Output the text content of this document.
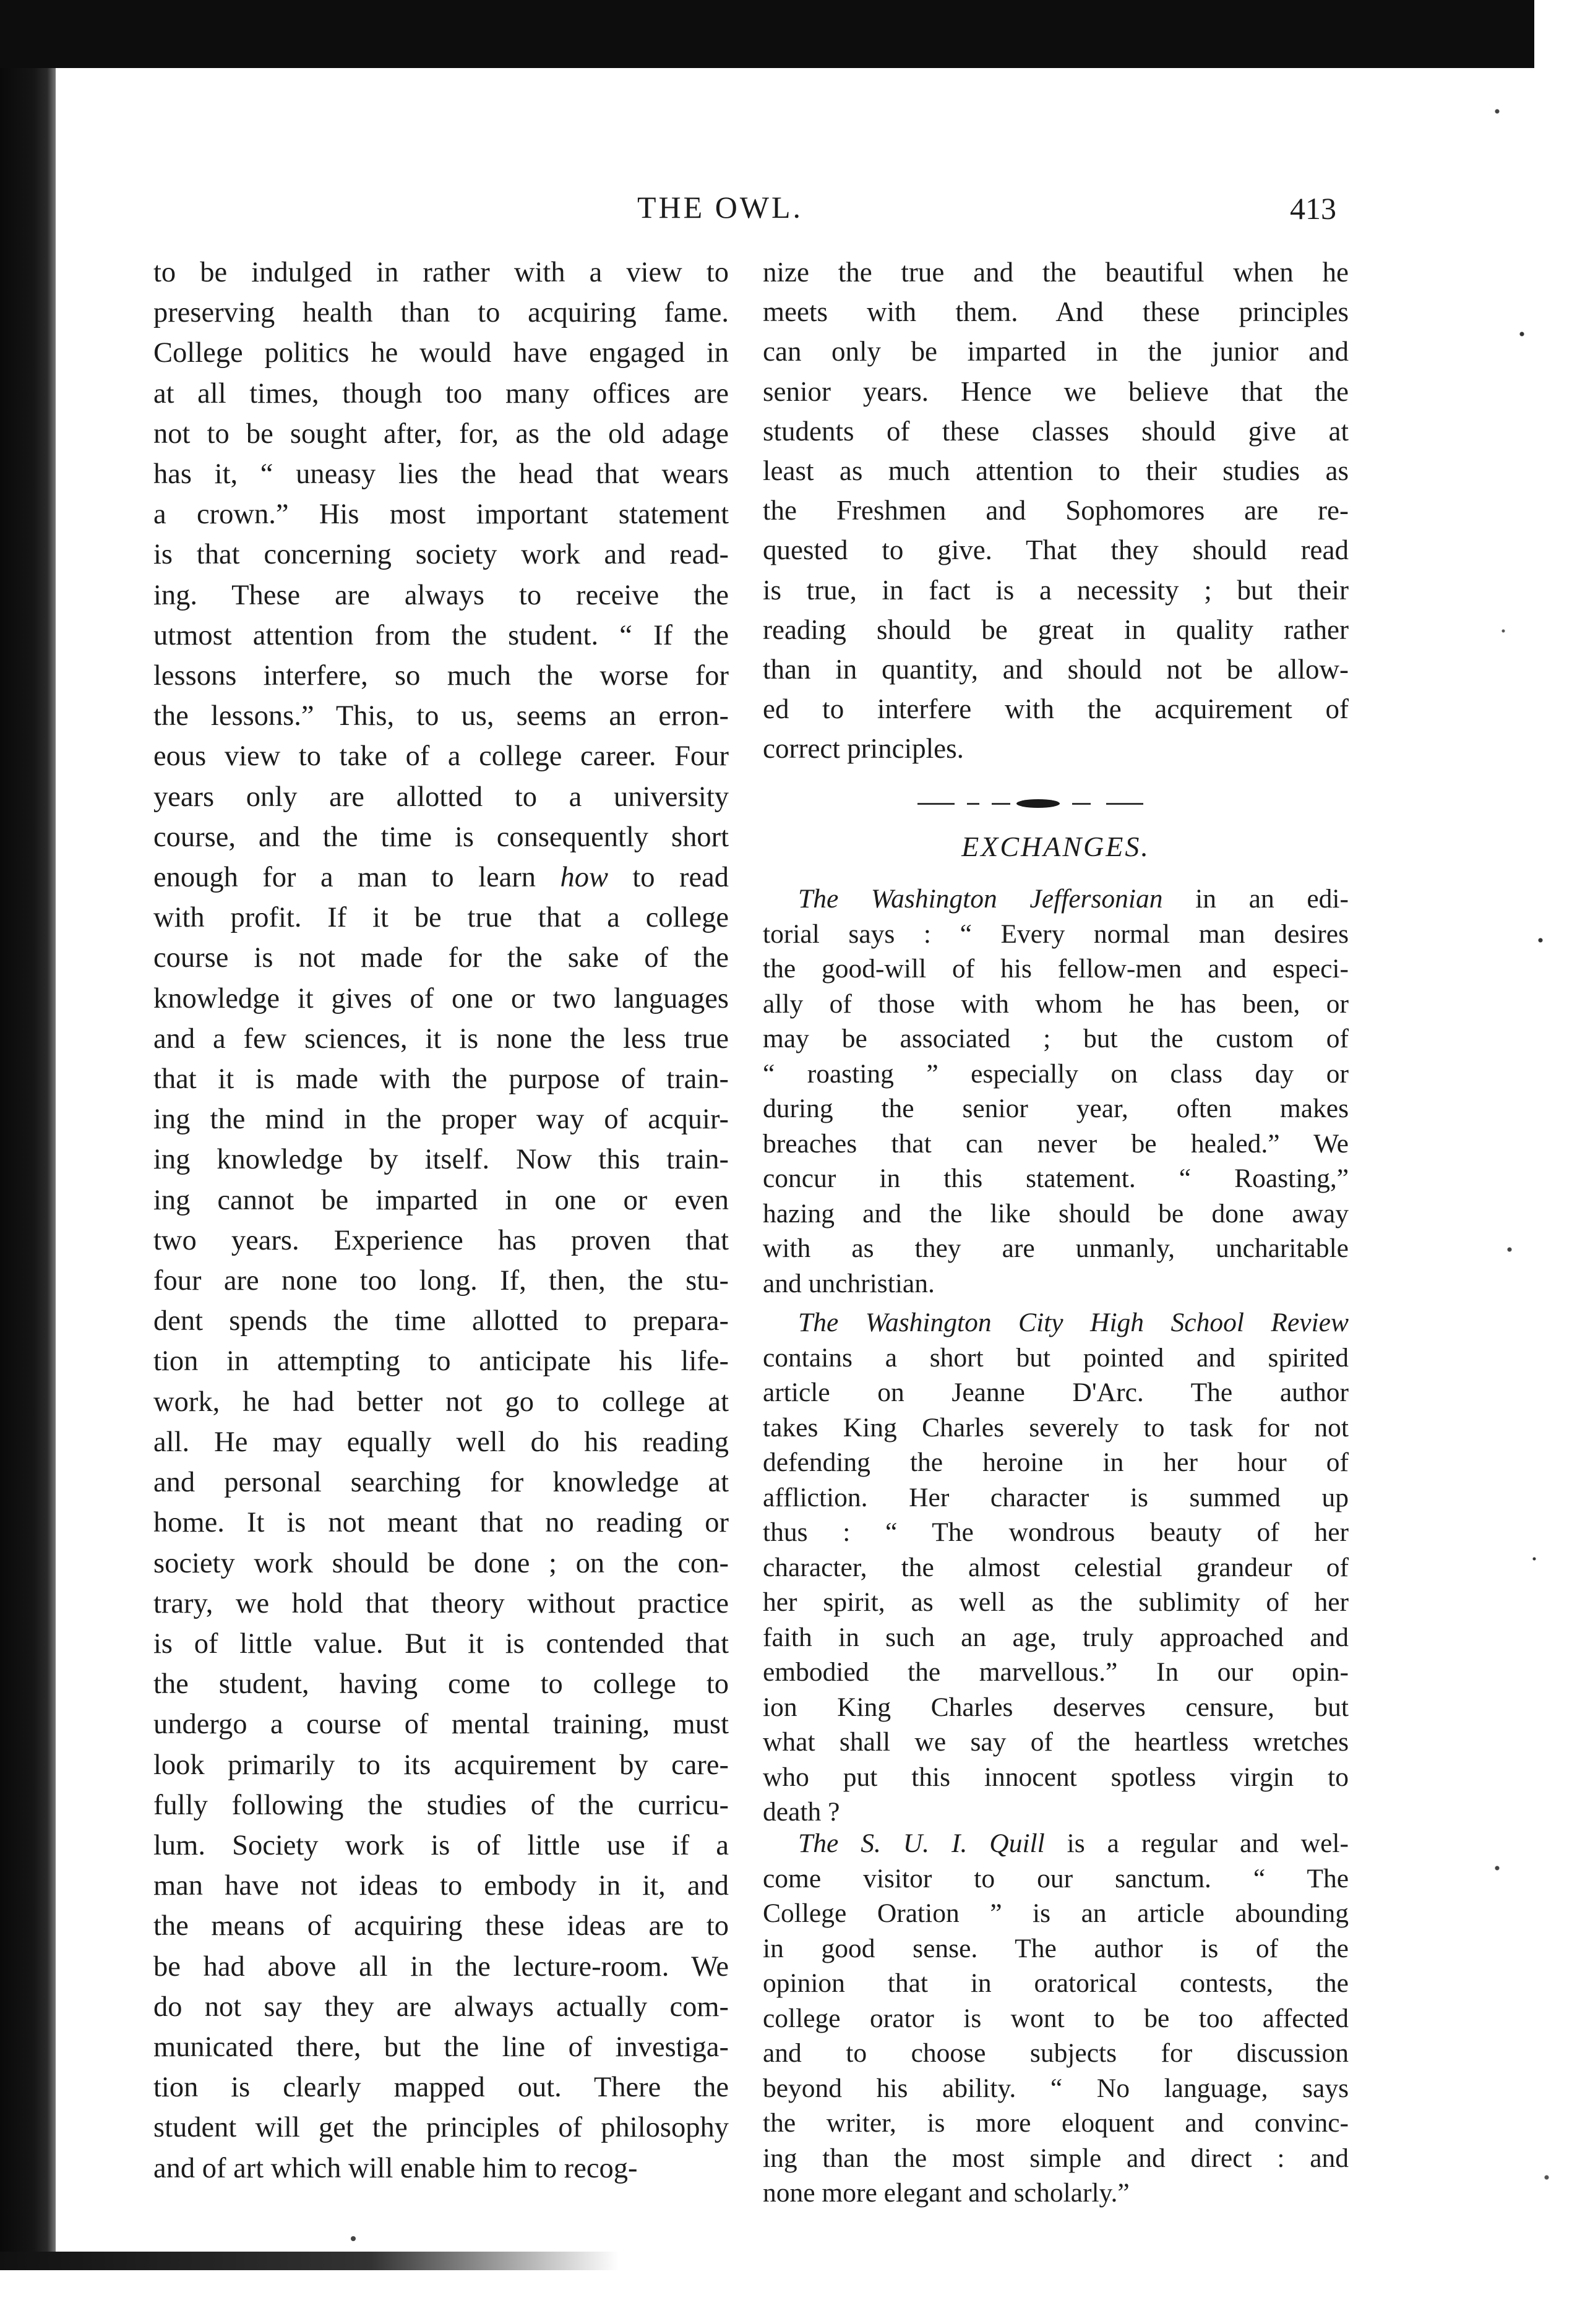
THE OWL.	413
to be indulged in rather with a view to
preserving health than to acquiring fame.
College politics he would have engaged in
at all times, though too many offices are
not to be sought after, for, as the old adage
has it, “ uneasy lies the head that wears
a crown.” His most important statement
is that concerning society work and read-
ing. These are always to receive the
utmost attention from the student. “ If the
lessons interfere, so much the worse for
the lessons.” This, to us, seems an erron-
eous view to take of a college career. Four
years only are allotted to a university
course, and the time is consequently short
enough for a man to learn how to read
with profit. If it be true that a college
course is not made for the sake of the
knowledge it gives of one or two languages
and a few sciences, it is none the less true
that it is made with the purpose of train-
ing the mind in the proper way of acquir-
ing knowledge by itself. Now this train-
ing cannot be imparted in one or even
two years. Experience has proven that
four are none too long. If, then, the stu-
dent spends the time allotted to prepara-
tion in attempting to anticipate his life-
work, he had better not go to college at
all. He may equally well do his reading
and personal searching for knowledge at
home. It is not meant that no reading or
society work should be done ; on the con-
trary, we hold that theory without practice
is of little value. But it is contended that
the student, having come to college to
undergo a course of mental training, must
look primarily to its acquirement by care-
fully following the studies of the curricu-
lum. Society work is of little use if a
man have not ideas to embody in it, and
the means of acquiring these ideas are to
be had above all in the lecture-room. We
do not say they are always actually com-
municated there, but the line of investiga-
tion is clearly mapped out. There the
student will get the principles of philosophy
and of art which will enable him to recog-
nize the true and the beautiful when he
meets with them. And these principles
can only be imparted in the junior and
senior years. Hence we believe that the
students of these classes should give at
least as much attention to their studies as
the Freshmen and Sophomores are re-
quested to give. That they should read
is true, in fact is a necessity ; but their
reading should be great in quality rather
than in quantity, and should not be allow-
ed to interfere with the acquirement of
correct principles.
EXCHANGES.
The Washington Jeffersonian in an edi-
torial says : “ Every normal man desires
the good-will of his fellow-men and especi-
ally of those with whom he has been, or
may be associated ; but the custom of
“ roasting ” especially on class day or
during the senior year, often makes
breaches that can never be healed.” We
concur in this statement. “ Roasting,”
hazing and the like should be done away
with as they are unmanly, uncharitable
and unchristian.
The Washington City High School Review
contains a short but pointed and spirited
article on Jeanne D'Arc. The author
takes King Charles severely to task for not
defending the heroine in her hour of
affliction. Her character is summed up
thus : “ The wondrous beauty of her
character, the almost celestial grandeur of
her spirit, as well as the sublimity of her
faith in such an age, truly approached and
embodied the marvellous.” In our opin-
ion King Charles deserves censure, but
what shall we say of the heartless wretches
who put this innocent spotless virgin to
death ?
The S. U. I. Quill is a regular and wel-
come visitor to our sanctum. “ The
College Oration ” is an article abounding
in good sense. The author is of the
opinion that in oratorical contests, the
college orator is wont to be too affected
and to choose subjects for discussion
beyond his ability. “ No language, says
the writer, is more eloquent and convinc-
ing than the most simple and direct : and
none more elegant and scholarly.”
